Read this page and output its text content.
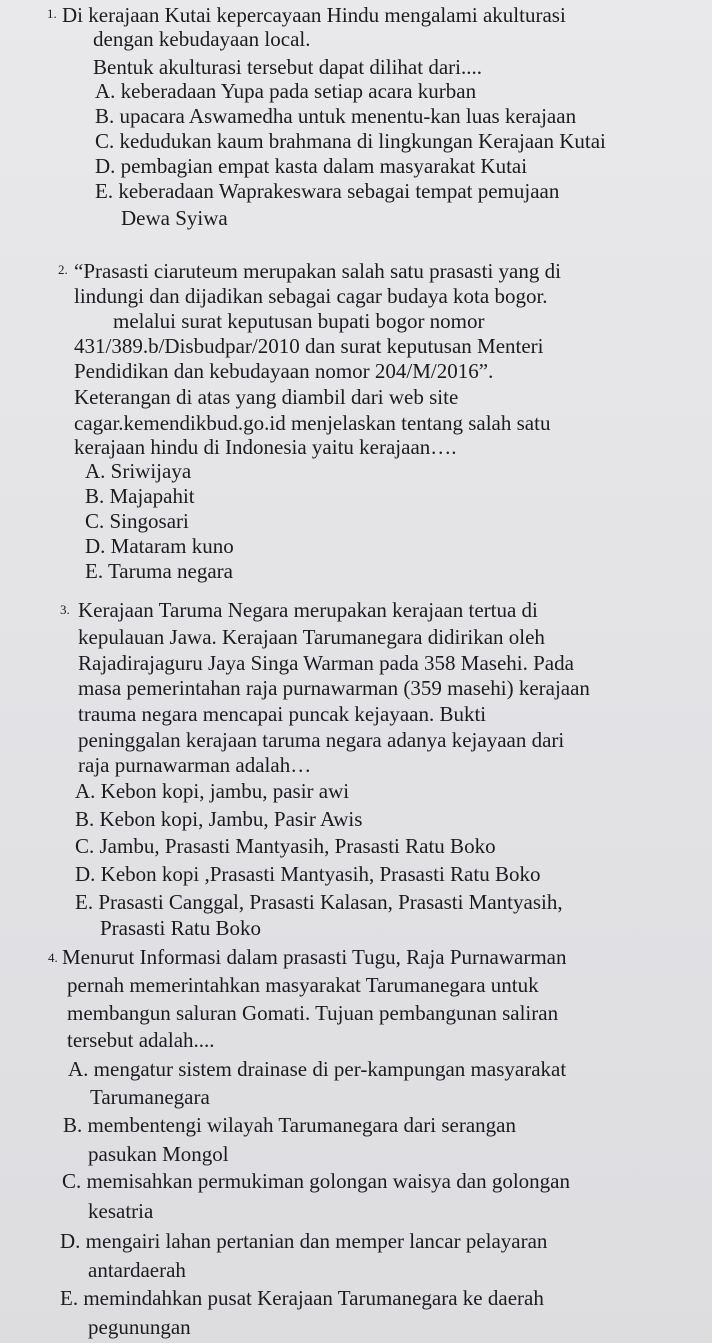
1. Di kerajaan Kutai kepercayaan Hindu mengalami akulturasi
dengan kebudayaan local.
Bentuk akulturasi tersebut dapat dilihat dari....
A. keberadaan Yupa pada setiap acara kurban
B. upacara Aswamedha untuk menentu-kan luas kerajaan
C. kedudukan kaum brahmana di lingkungan Kerajaan Kutai
D. pembagian empat kasta dalam masyarakat Kutai
E. keberadaan Waprakeswara sebagai tempat pemujaan
Dewa Syiwa
2. “Prasasti ciaruteum merupakan salah satu prasasti yang di
lindungi dan dijadikan sebagai cagar budaya kota bogor.
melalui surat keputusan bupati bogor nomor
431/389.b/Disbudpar/2010 dan surat keputusan Menteri
Pendidikan dan kebudayaan nomor 204/M/2016”.
Keterangan di atas yang diambil dari web site
cagar.kemendikbud.go.id menjelaskan tentang salah satu
kerajaan hindu di Indonesia yaitu kerajaan….
A. Sriwijaya
B. Majapahit
C. Singosari
D. Mataram kuno
E. Taruma negara
3. Kerajaan Taruma Negara merupakan kerajaan tertua di
kepulauan Jawa. Kerajaan Tarumanegara didirikan oleh
Rajadirajaguru Jaya Singa Warman pada 358 Masehi. Pada
masa pemerintahan raja purnawarman (359 masehi) kerajaan
trauma negara mencapai puncak kejayaan. Bukti
peninggalan kerajaan taruma negara adanya kejayaan dari
raja purnawarman adalah…
A. Kebon kopi, jambu, pasir awi
B. Kebon kopi, Jambu, Pasir Awis
C. Jambu, Prasasti Mantyasih, Prasasti Ratu Boko
D. Kebon kopi ,Prasasti Mantyasih, Prasasti Ratu Boko
E. Prasasti Canggal, Prasasti Kalasan, Prasasti Mantyasih,
Prasasti Ratu Boko
4. Menurut Informasi dalam prasasti Tugu, Raja Purnawarman
pernah memerintahkan masyarakat Tarumanegara untuk
membangun saluran Gomati. Tujuan pembangunan saliran
tersebut adalah....
A. mengatur sistem drainase di per-kampungan masyarakat
Tarumanegara
B. membentengi wilayah Tarumanegara dari serangan
pasukan Mongol
C. memisahkan permukiman golongan waisya dan golongan
kesatria
D. mengairi lahan pertanian dan memper lancar pelayaran
antardaerah
E. memindahkan pusat Kerajaan Tarumanegara ke daerah
pegunungan
